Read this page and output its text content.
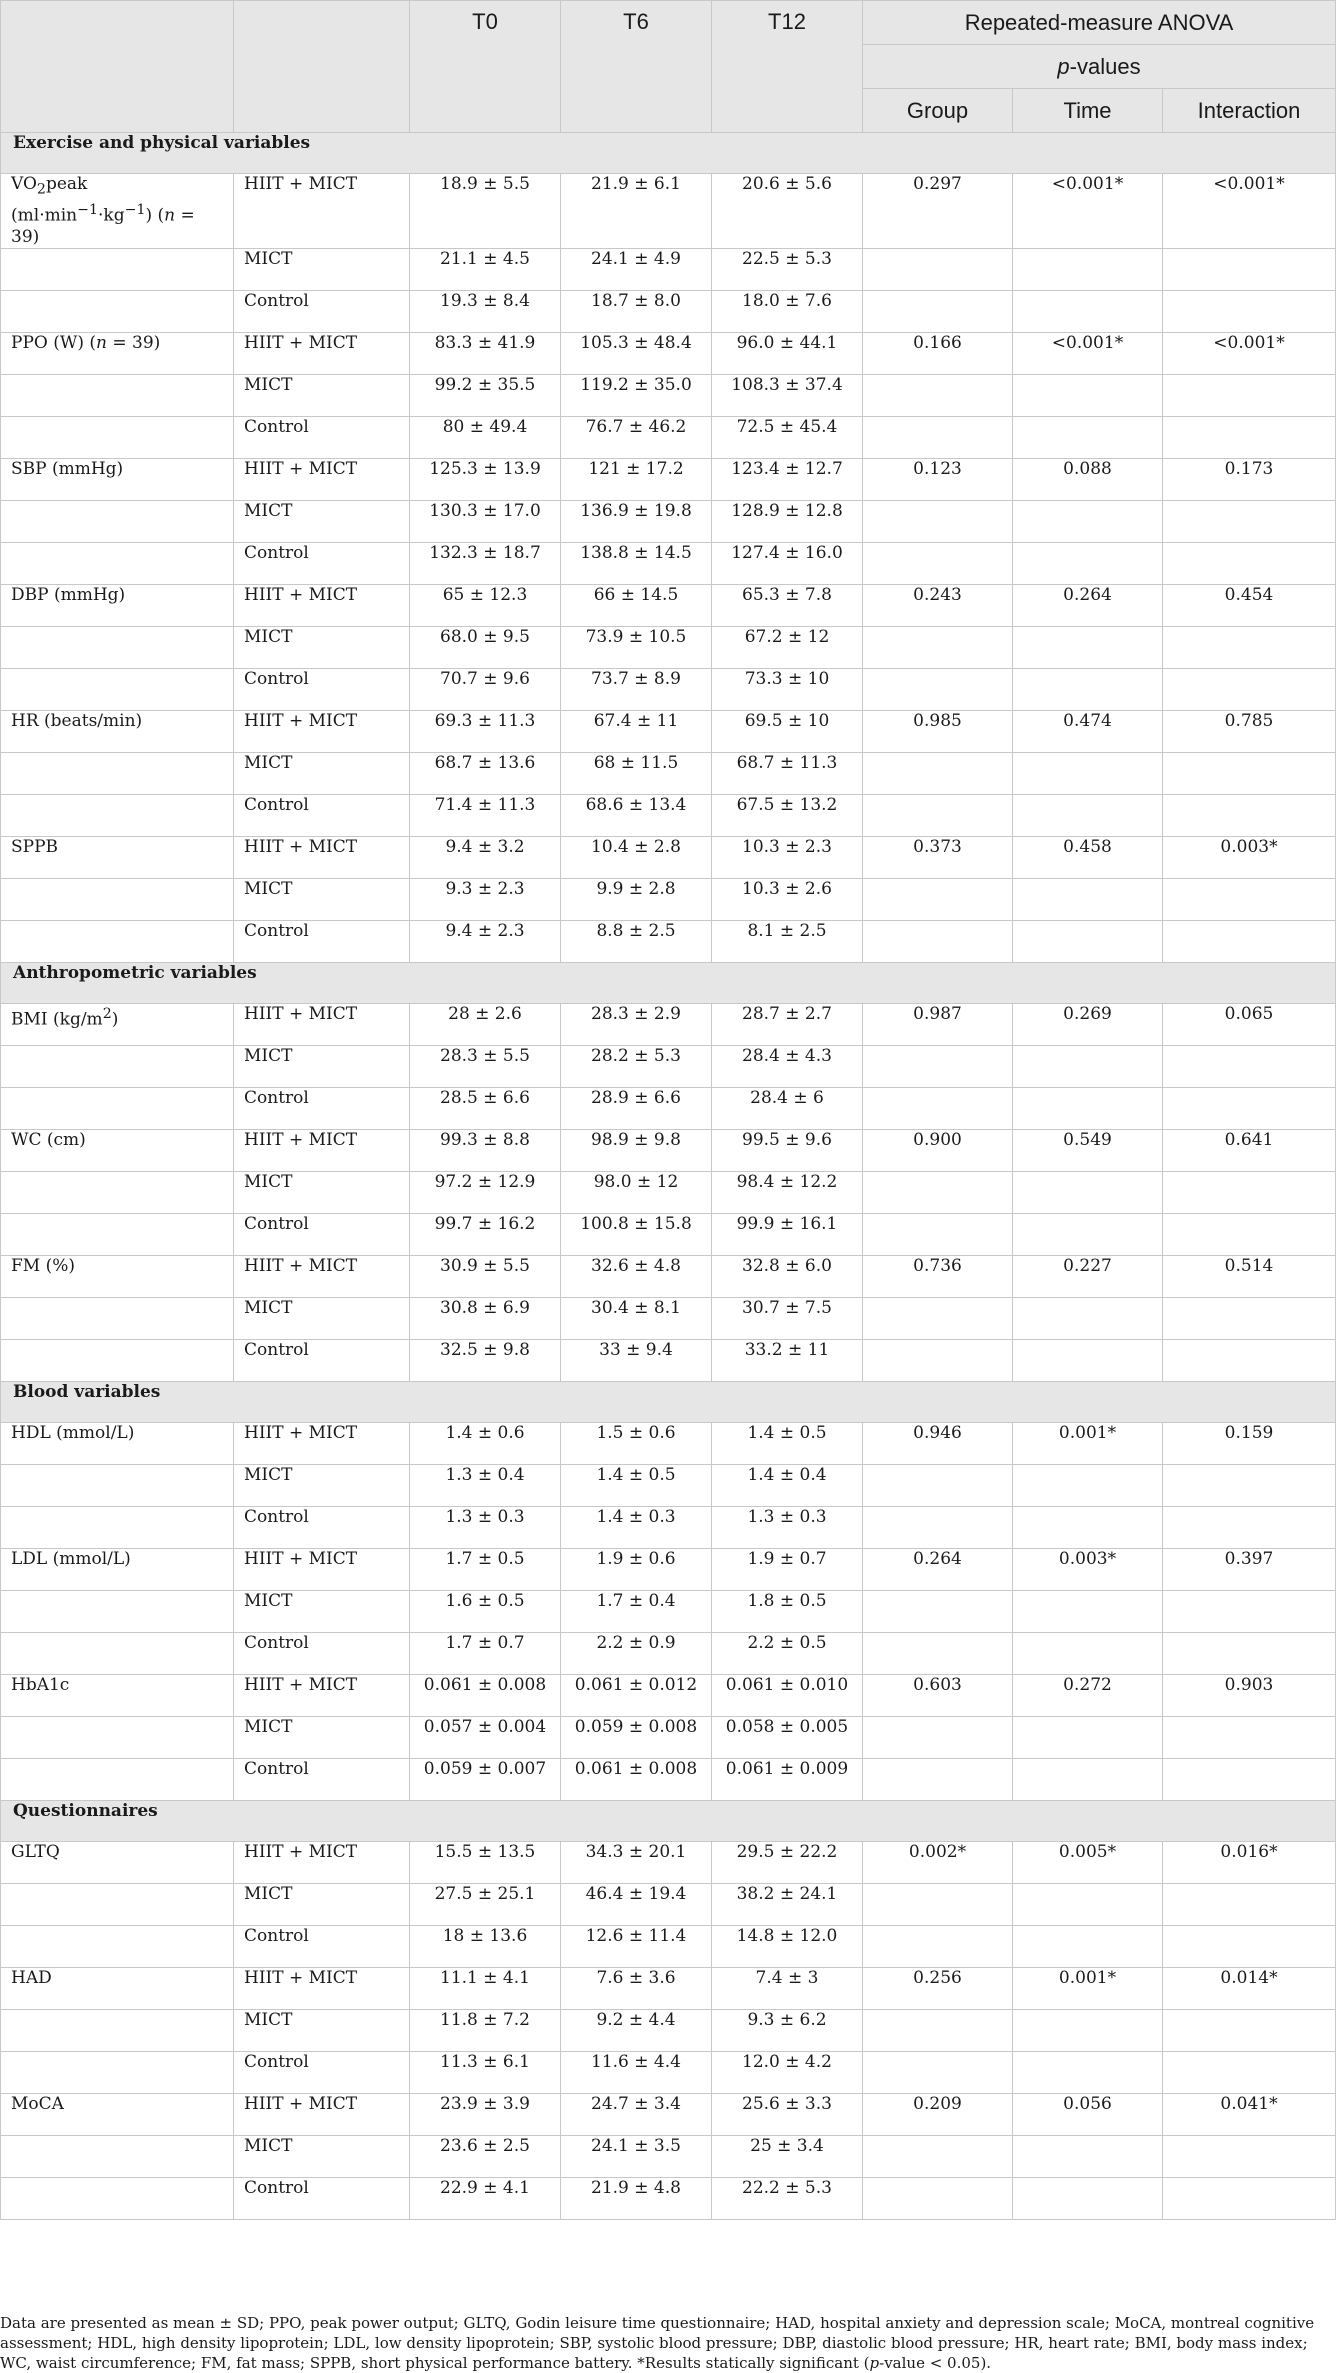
		T0	T6	T12	Repeated-measure ANOVA		
					p-values		
					Group	Time	Interaction
Exercise and physical variables							
$VO_2peak$ $(ml\cdot\min^{-1}\cdot kg^{-1}) (n = 39)$	HIIT + MICT	18.9 ± 5.5	21.9 ± 6.1	20.6 ± 5.6	0.297	<0.001*	<0.001*
	MICT	21.1 ± 4.5	24.1 ± 4.9	22.5 ± 5.3			
	Control	19.3 ± 8.4	18.7 ± 8.0	18.0 ± 7.6			
PPO (W) (n = 39)	HIIT + MICT	83.3 ± 41.9	105.3 ± 48.4	96.0 ± 44.1	0.166	<0.001*	<0.001*
	MICT	99.2 ± 35.5	119.2 ± 35.0	108.3 ± 37.4			
	Control	80 ± 49.4	76.7 ± 46.2	72.5 ± 45.4			
SBP (mmHg)	HIIT + MICT	125.3 ± 13.9	121 ± 17.2	123.4 ± 12.7	0.123	0.088	0.173
	MICT	130.3 ± 17.0	136.9 ± 19.8	128.9 ± 12.8			
	Control	132.3 ± 18.7	138.8 ± 14.5	127.4 ± 16.0			
DBP (mmHg)	HIIT + MICT	65 ± 12.3	66 ± 14.5	65.3 ± 7.8	0.243	0.264	0.454
	MICT	68.0 ± 9.5	73.9 ± 10.5	67.2 ± 12			
	Control	70.7 ± 9.6	73.7 ± 8.9	73.3 ± 10			
HR (beats/min)	HIIT + MICT	69.3 ± 11.3	67.4 ± 11	69.5 ± 10	0.985	0.474	0.785
	MICT	68.7 ± 13.6	68 ± 11.5	68.7 ± 11.3			
	Control	71.4 ± 11.3	68.6 ± 13.4	67.5 ± 13.2			
SPPB	HIIT + MICT	9.4 ± 3.2	10.4 ± 2.8	10.3 ± 2.3	0.373	0.458	0.003*
	MICT	9.3 ± 2.3	9.9 ± 2.8	10.3 ± 2.6			
	Control	9.4 ± 2.3	8.8 ± 2.5	8.1 ± 2.5			
Anthropometric variables							
BMI $(kg/m^2)$	HIIT + MICT	28 ± 2.6	28.3 ± 2.9	28.7 ± 2.7	0.987	0.269	0.065
	MICT	28.3 ± 5.5	28.2 ± 5.3	28.4 ± 4.3			
	Control	28.5 ± 6.6	28.9 ± 6.6	28.4 ± 6			
WC (cm)	HIIT + MICT	99.3 ± 8.8	98.9 ± 9.8	99.5 ± 9.6	0.900	0.549	0.641
	MICT	97.2 ± 12.9	98.0 ± 12	98.4 ± 12.2			
	Control	99.7 ± 16.2	100.8 ± 15.8	99.9 ± 16.1			
FM (%)	HIIT + MICT	30.9 ± 5.5	32.6 ± 4.8	32.8 ± 6.0	0.736	0.227	0.514
	MICT	30.8 ± 6.9	30.4 ± 8.1	30.7 ± 7.5			
	Control	32.5 ± 9.8	33 ± 9.4	33.2 ± 11			
Blood variables							
HDL (mmol/L)	HIIT + MICT	1.4 ± 0.6	1.5 ± 0.6	1.4 ± 0.5	0.946	0.001*	0.159
	MICT	1.3 ± 0.4	1.4 ± 0.5	1.4 ± 0.4			
	Control	1.3 ± 0.3	1.4 ± 0.3	1.3 ± 0.3			
LDL (mmol/L)	HIIT + MICT	1.7 ± 0.5	1.9 ± 0.6	1.9 ± 0.7	0.264	0.003*	0.397
	MICT	1.6 ± 0.5	1.7 ± 0.4	1.8 ± 0.5			
	Control	1.7 ± 0.7	2.2 ± 0.9	2.2 ± 0.5			
HbA1c	HIIT + MICT	0.061 ± 0.008	0.061 ± 0.012	0.061 ± 0.010	0.603	0.272	0.903
	MICT	0.057 ± 0.004	0.059 ± 0.008	0.058 ± 0.005			
	Control	0.059 ± 0.007	0.061 ± 0.008	0.061 ± 0.009			
Questionnaires							
GLTQ	HIIT + MICT	15.5 ± 13.5	34.3 ± 20.1	29.5 ± 22.2	0.002*	0.005*	0.016*
	MICT	27.5 ± 25.1	46.4 ± 19.4	38.2 ± 24.1			
	Control	18 ± 13.6	12.6 ± 11.4	14.8 ± 12.0			
HAD	HIIT + MICT	11.1 ± 4.1	7.6 ± 3.6	7.4 ± 3	0.256	0.001*	0.014*
	MICT	11.8 ± 7.2	9.2 ± 4.4	9.3 ± 6.2			
	Control	11.3 ± 6.1	11.6 ± 4.4	12.0 ± 4.2			
MoCA	HIIT + MICT	23.9 ± 3.9	24.7 ± 3.4	25.6 ± 3.3	0.209	0.056	0.041*
	MICT	23.6 ± 2.5	24.1 ± 3.5	25 ± 3.4			
	Control	22.9 ± 4.1	21.9 ± 4.8	22.2 ± 5.3			
Data are presented as mean ± SD; PPO, peak power output; GLTQ, Godin leisure time questionnaire; HAD, hospital anxiety and depression scale; MoCA, montreal cognitive assessment; HDL, high density lipoprotein; LDL, low density lipoprotein; SBP, systolic blood pressure; DBP, diastolic blood pressure; HR, heart rate; BMI, body mass index; WC, waist circumference; FM, fat mass; SPPB, short physical performance battery. *Results statically significant (p-value < 0.05).
